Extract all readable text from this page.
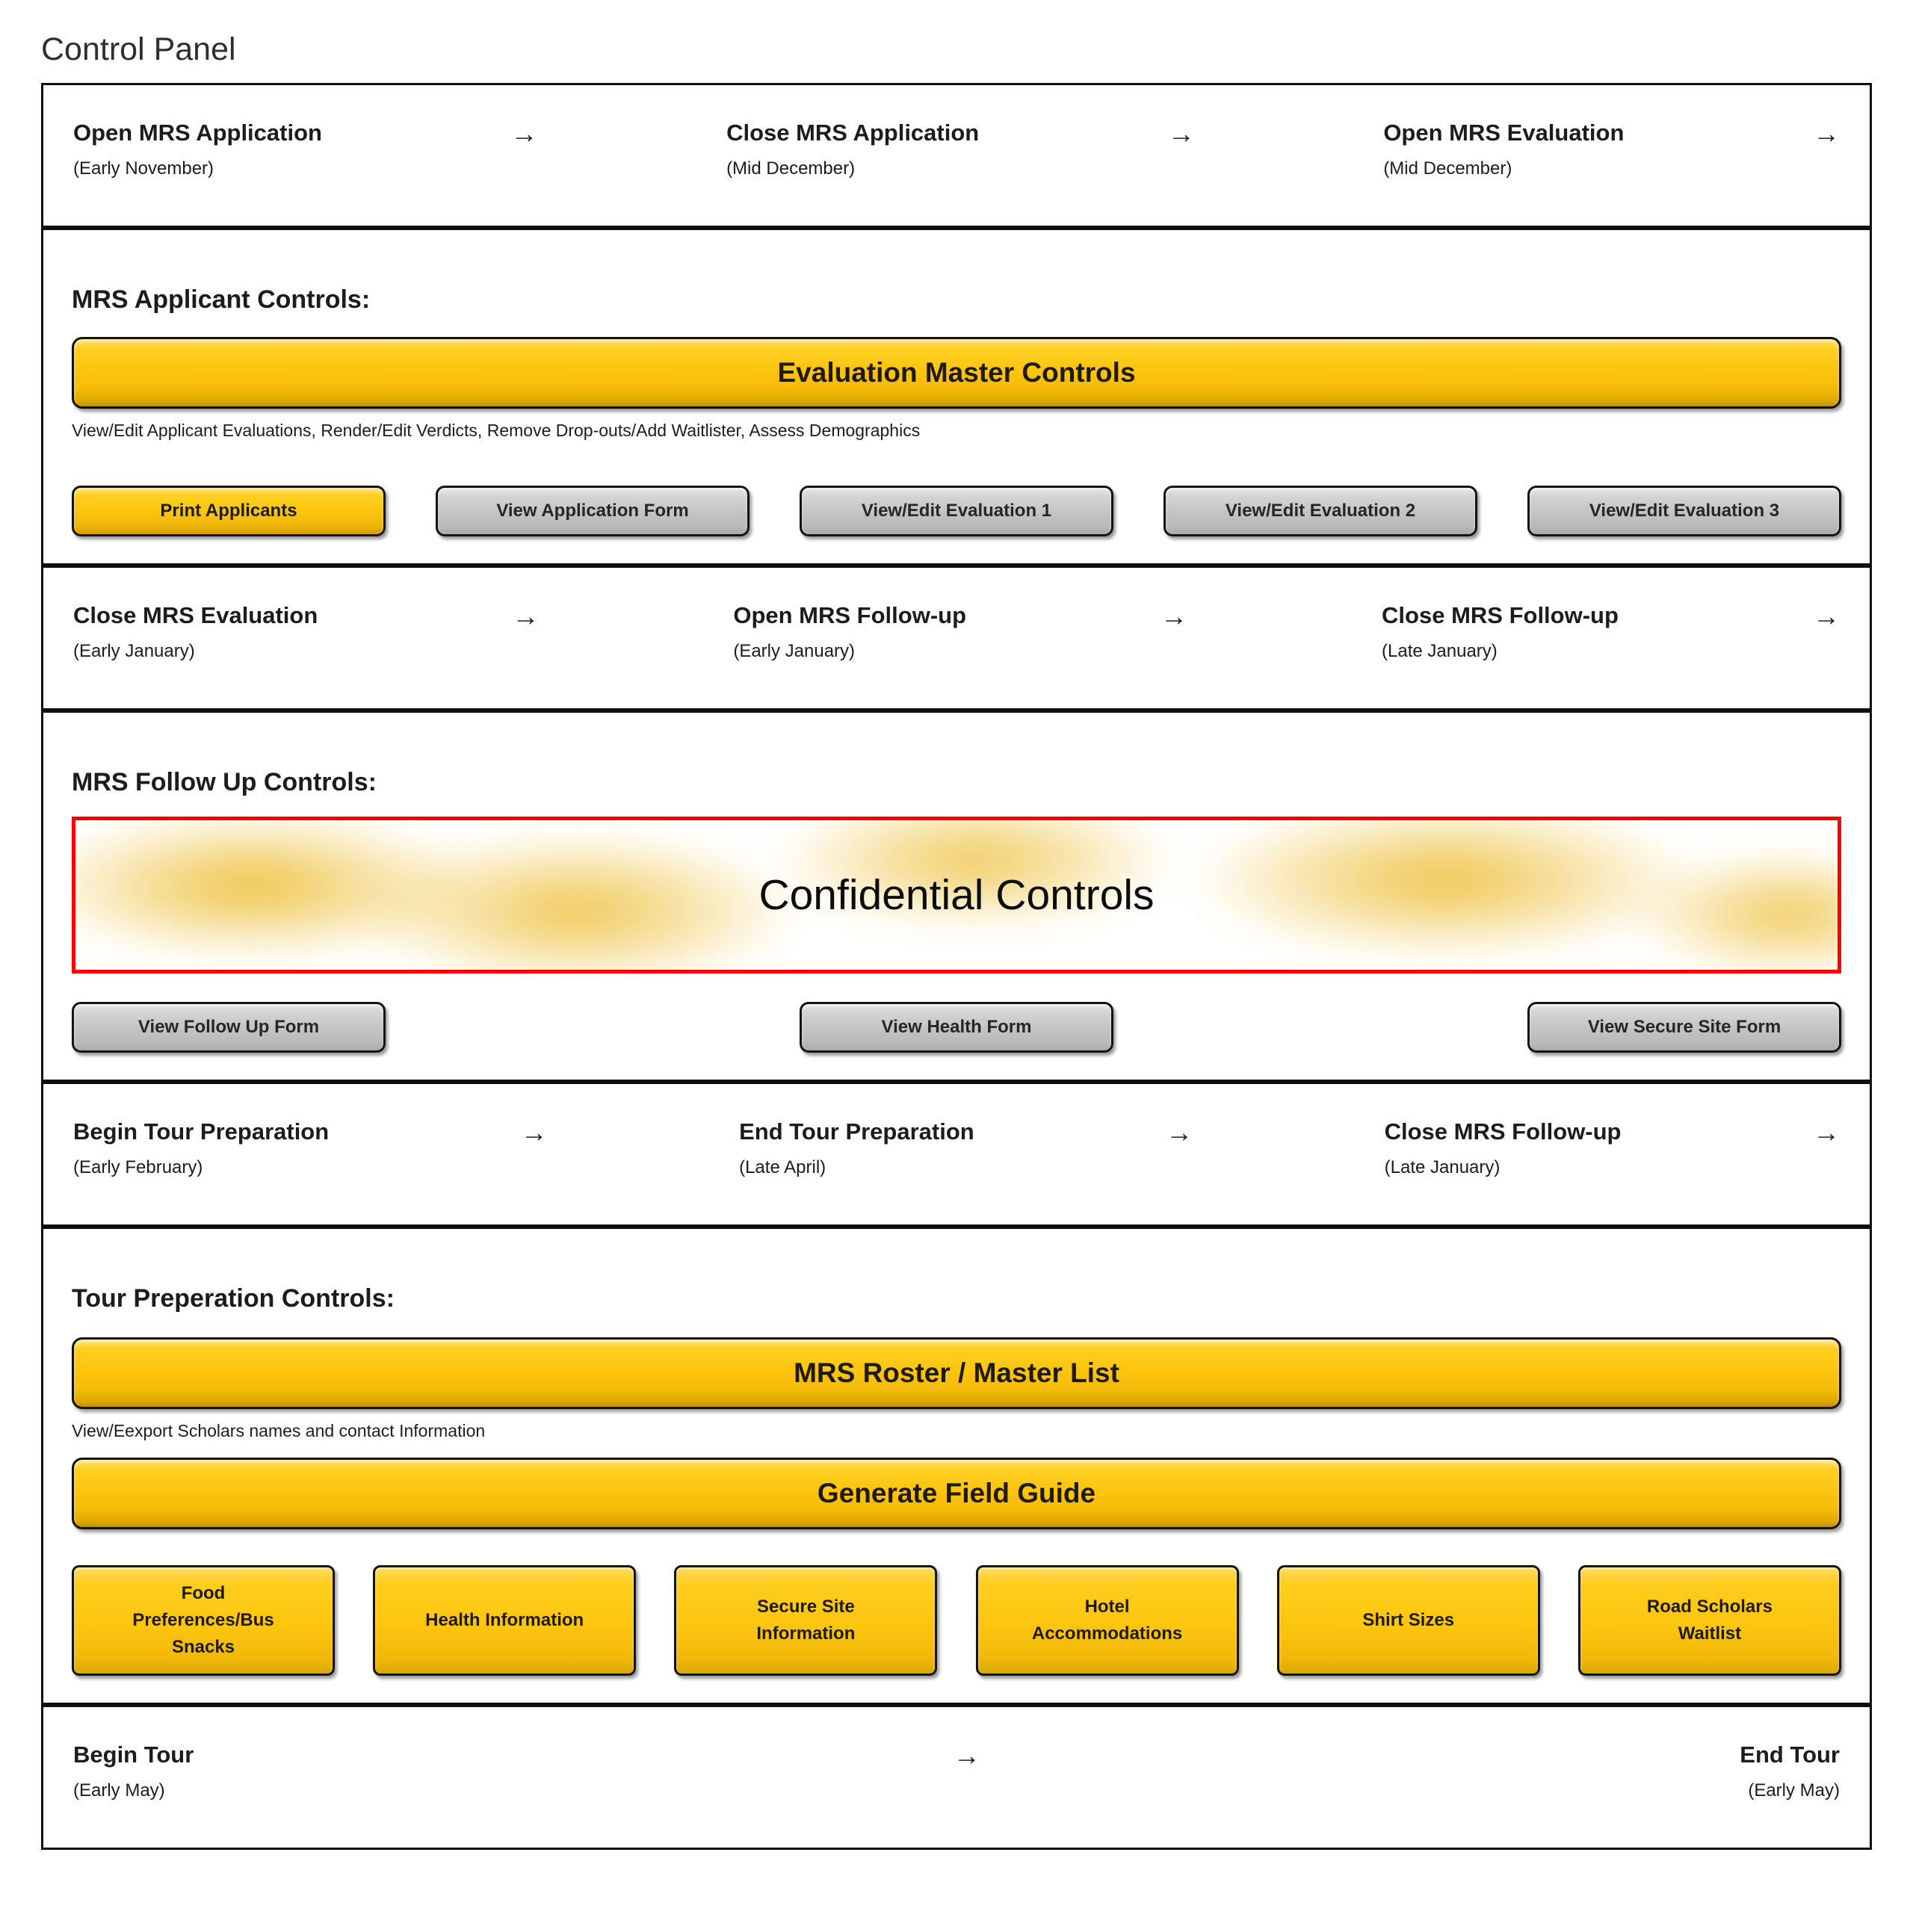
Control Panel
Open MRS Application
(Early November)
→	Close MRS Application
(Mid December)
→	Open MRS Evaluation
(Mid December)
→
MRS Applicant Controls:
Evaluation Master Controls
View/Edit Applicant Evaluations, Render/Edit Verdicts, Remove Drop-outs/Add Waitlister, Assess Demographics
Print Applicants	View Application Form	View/Edit Evaluation 1	View/Edit Evaluation 2	View/Edit Evaluation 3
Close MRS Evaluation
(Early January)
→	Open MRS Follow-up
(Early January)
→	Close MRS Follow-up
(Late January)
→
MRS Follow Up Controls:
Confidential Controls
View Follow Up Form	View Health Form	View Secure Site Form
Begin Tour Preparation
(Early February)
→	End Tour Preparation
(Late April)
→	Close MRS Follow-up
(Late January)
→
Tour Preperation Controls:
MRS Roster / Master List
View/Eexport Scholars names and contact Information
Generate Field Guide
Food Preferences/Bus Snacks
Health Information
Secure Site Information
Hotel Accommodations
Shirt Sizes
Road Scholars Waitlist
Begin Tour
(Early May)
→	End Tour
(Early May)
